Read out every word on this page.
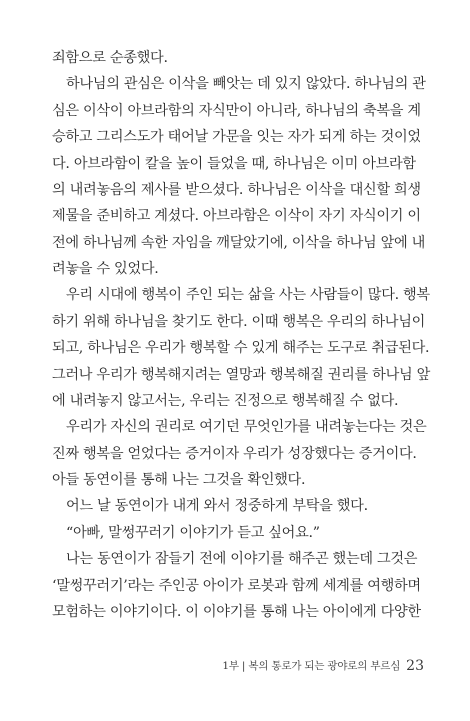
죄함으로 순종했다.
하나님의 관심은 이삭을 빼앗는 데 있지 않았다. 하나님의 관
심은 이삭이 아브라함의 자식만이 아니라, 하나님의 축복을 계
승하고 그리스도가 태어날 가문을 잇는 자가 되게 하는 것이었
다. 아브라함이 칼을 높이 들었을 때, 하나님은 이미 아브라함
의 내려놓음의 제사를 받으셨다. 하나님은 이삭을 대신할 희생
제물을 준비하고 계셨다. 아브라함은 이삭이 자기 자식이기 이
전에 하나님께 속한 자임을 깨달았기에, 이삭을 하나님 앞에 내
려놓을 수 있었다.
우리 시대에 행복이 주인 되는 삶을 사는 사람들이 많다. 행복
하기 위해 하나님을 찾기도 한다. 이때 행복은 우리의 하나님이
되고, 하나님은 우리가 행복할 수 있게 해주는 도구로 취급된다.
그러나 우리가 행복해지려는 열망과 행복해질 권리를 하나님 앞
에 내려놓지 않고서는, 우리는 진정으로 행복해질 수 없다.
우리가 자신의 권리로 여기던 무엇인가를 내려놓는다는 것은
진짜 행복을 얻었다는 증거이자 우리가 성장했다는 증거이다.
아들 동연이를 통해 나는 그것을 확인했다.
어느 날 동연이가 내게 와서 정중하게 부탁을 했다.
“아빠, 말썽꾸러기 이야기가 듣고 싶어요.”
나는 동연이가 잠들기 전에 이야기를 해주곤 했는데 그것은
‘말썽꾸러기’라는 주인공 아이가 로봇과 함께 세계를 여행하며
모험하는 이야기이다. 이 이야기를 통해 나는 아이에게 다양한
1부 | 복의 통로가 되는 광야로의 부르심 23
